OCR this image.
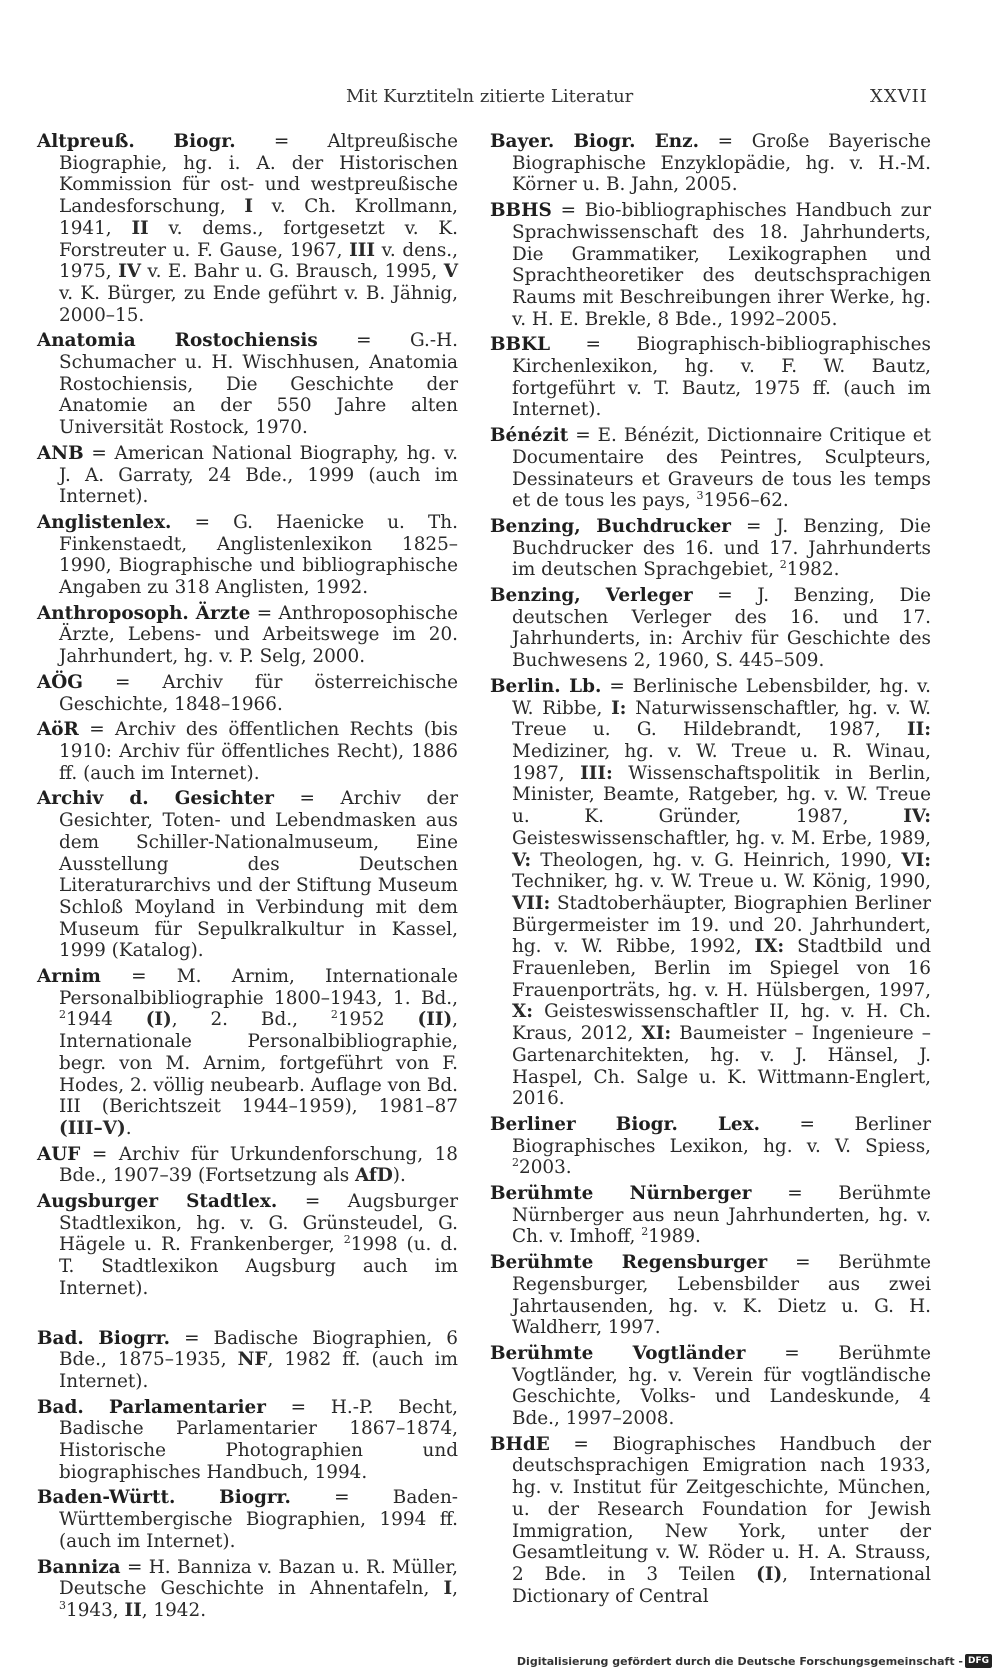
Mit Kurztiteln zitierte Literatur	XXVII
Altpreuß. Biogr. = Altpreußische Biographie, hg. i. A. der Historischen Kommission für ost- und westpreußische Landesforschung, I v. Ch. Krollmann, 1941, II v. dems., fortgesetzt v. K. Forstreuter u. F. Gause, 1967, III v. dens., 1975, IV v. E. Bahr u. G. Brausch, 1995, V v. K. Bürger, zu Ende geführt v. B. Jähnig, 2000–15.
Anatomia Rostochiensis = G.-H. Schumacher u. H. Wischhusen, Anatomia Rostochiensis, Die Geschichte der Anatomie an der 550 Jahre alten Universität Rostock, 1970.
ANB = American National Biography, hg. v. J. A. Garraty, 24 Bde., 1999 (auch im Internet).
Anglistenlex. = G. Haenicke u. Th. Finkenstaedt, Anglistenlexikon 1825–1990, Biographische und bibliographische Angaben zu 318 Anglisten, 1992.
Anthroposoph. Ärzte = Anthroposophische Ärzte, Lebens- und Arbeitswege im 20. Jahrhundert, hg. v. P. Selg, 2000.
AÖG = Archiv für österreichische Geschichte, 1848–1966.
AöR = Archiv des öffentlichen Rechts (bis 1910: Archiv für öffentliches Recht), 1886 ff. (auch im Internet).
Archiv d. Gesichter = Archiv der Gesichter, Toten- und Lebendmasken aus dem Schiller-Nationalmuseum, Eine Ausstellung des Deutschen Literaturarchivs und der Stiftung Museum Schloß Moyland in Verbindung mit dem Museum für Sepulkralkultur in Kassel, 1999 (Katalog).
Arnim = M. Arnim, Internationale Personalbibliographie 1800–1943, 1. Bd., $^2$1944 (I), 2. Bd., $^2$1952 (II), Internationale Personalbibliographie, begr. von M. Arnim, fortgeführt von F. Hodes, 2. völlig neubearb. Auflage von Bd. III (Berichtszeit 1944–1959), 1981–87 (III–V).
AUF = Archiv für Urkundenforschung, 18 Bde., 1907–39 (Fortsetzung als AfD).
Augsburger Stadtlex. = Augsburger Stadtlexikon, hg. v. G. Grünsteudel, G. Hägele u. R. Frankenberger, $^2$1998 (u. d. T. Stadtlexikon Augsburg auch im Internet).
Bad. Biogrr. = Badische Biographien, 6 Bde., 1875–1935, NF, 1982 ff. (auch im Internet).
Bad. Parlamentarier = H.-P. Becht, Badische Parlamentarier 1867–1874, Historische Photographien und biographisches Handbuch, 1994.
Baden-Württ. Biogrr. = Baden-Württembergische Biographien, 1994 ff. (auch im Internet).
Banniza = H. Banniza v. Bazan u. R. Müller, Deutsche Geschichte in Ahnentafeln, I, $^3$1943, II, 1942.
Bayer. Biogr. Enz. = Große Bayerische Biographische Enzyklopädie, hg. v. H.-M. Körner u. B. Jahn, 2005.
BBHS = Bio-bibliographisches Handbuch zur Sprachwissenschaft des 18. Jahrhunderts, Die Grammatiker, Lexikographen und Sprachtheoretiker des deutschsprachigen Raums mit Beschreibungen ihrer Werke, hg. v. H. E. Brekle, 8 Bde., 1992–2005.
BBKL = Biographisch-bibliographisches Kirchenlexikon, hg. v. F. W. Bautz, fortgeführt v. T. Bautz, 1975 ff. (auch im Internet).
Bénézit = E. Bénézit, Dictionnaire Critique et Documentaire des Peintres, Sculpteurs, Dessinateurs et Graveurs de tous les temps et de tous les pays, $^3$1956–62.
Benzing, Buchdrucker = J. Benzing, Die Buchdrucker des 16. und 17. Jahrhunderts im deutschen Sprachgebiet, $^2$1982.
Benzing, Verleger = J. Benzing, Die deutschen Verleger des 16. und 17. Jahrhunderts, in: Archiv für Geschichte des Buchwesens 2, 1960, S. 445–509.
Berlin. Lb. = Berlinische Lebensbilder, hg. v. W. Ribbe, I: Naturwissenschaftler, hg. v. W. Treue u. G. Hildebrandt, 1987, II: Mediziner, hg. v. W. Treue u. R. Winau, 1987, III: Wissenschaftspolitik in Berlin, Minister, Beamte, Ratgeber, hg. v. W. Treue u. K. Gründer, 1987, IV: Geisteswissenschaftler, hg. v. M. Erbe, 1989, V: Theologen, hg. v. G. Heinrich, 1990, VI: Techniker, hg. v. W. Treue u. W. König, 1990, VII: Stadtoberhäupter, Biographien Berliner Bürgermeister im 19. und 20. Jahrhundert, hg. v. W. Ribbe, 1992, IX: Stadtbild und Frauenleben, Berlin im Spiegel von 16 Frauenporträts, hg. v. H. Hülsbergen, 1997, X: Geisteswissenschaftler II, hg. v. H. Ch. Kraus, 2012, XI: Baumeister – Ingenieure – Gartenarchitekten, hg. v. J. Hänsel, J. Haspel, Ch. Salge u. K. Wittmann-Englert, 2016.
Berliner Biogr. Lex. = Berliner Biographisches Lexikon, hg. v. V. Spiess, $^2$2003.
Berühmte Nürnberger = Berühmte Nürnberger aus neun Jahrhunderten, hg. v. Ch. v. Imhoff, $^2$1989.
Berühmte Regensburger = Berühmte Regensburger, Lebensbilder aus zwei Jahrtausenden, hg. v. K. Dietz u. G. H. Waldherr, 1997.
Berühmte Vogtländer = Berühmte Vogtländer, hg. v. Verein für vogtländische Geschichte, Volks- und Landeskunde, 4 Bde., 1997–2008.
BHdE = Biographisches Handbuch der deutschsprachigen Emigration nach 1933, hg. v. Institut für Zeitgeschichte, München, u. der Research Foundation for Jewish Immigration, New York, unter der Gesamtleitung v. W. Röder u. H. A. Strauss, 2 Bde. in 3 Teilen (I), International Dictionary of Central
Digitalisierung gefördert durch die Deutsche Forschungsgemeinschaft - DFG
